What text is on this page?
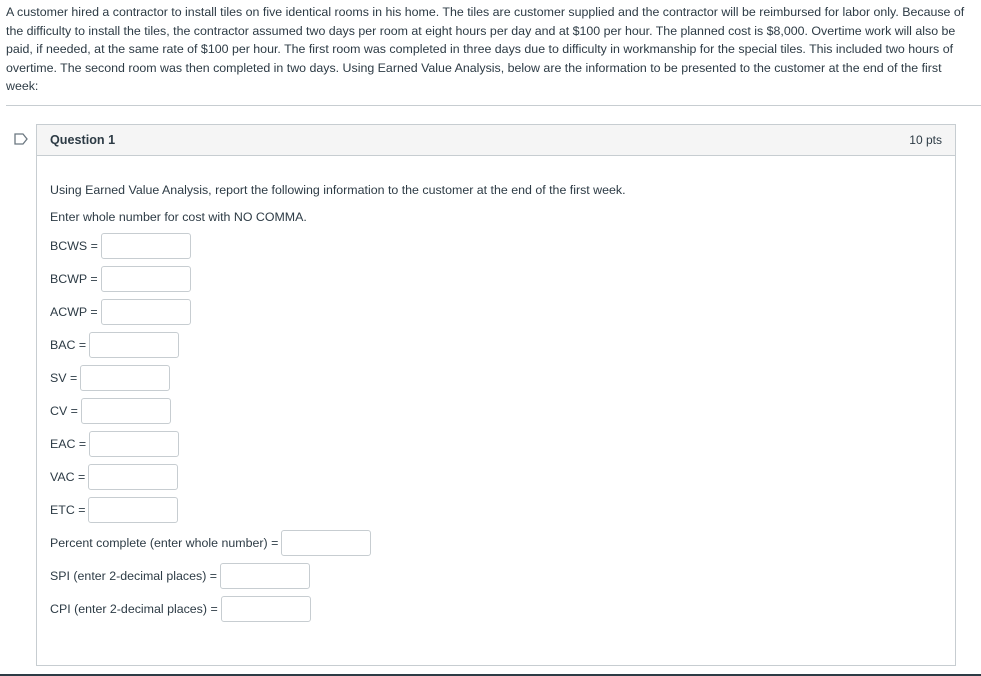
A customer hired a contractor to install tiles on five identical rooms in his home. The tiles are customer supplied and the contractor will be reimbursed for labor only. Because of the difficulty to install the tiles, the contractor assumed two days per room at eight hours per day and at $100 per hour. The planned cost is $8,000. Overtime work will also be paid, if needed, at the same rate of $100 per hour. The first room was completed in three days due to difficulty in workmanship for the special tiles. This included two hours of overtime. The second room was then completed in two days. Using Earned Value Analysis, below are the information to be presented to the customer at the end of the first week:
Question 1	10 pts
Using Earned Value Analysis, report the following information to the customer at the end of the first week.
Enter whole number for cost with NO COMMA.
BCWS =
BCWP =
ACWP =
BAC =
SV =
CV =
EAC =
VAC =
ETC =
Percent complete (enter whole number) =
SPI (enter 2-decimal places) =
CPI (enter 2-decimal places) =
